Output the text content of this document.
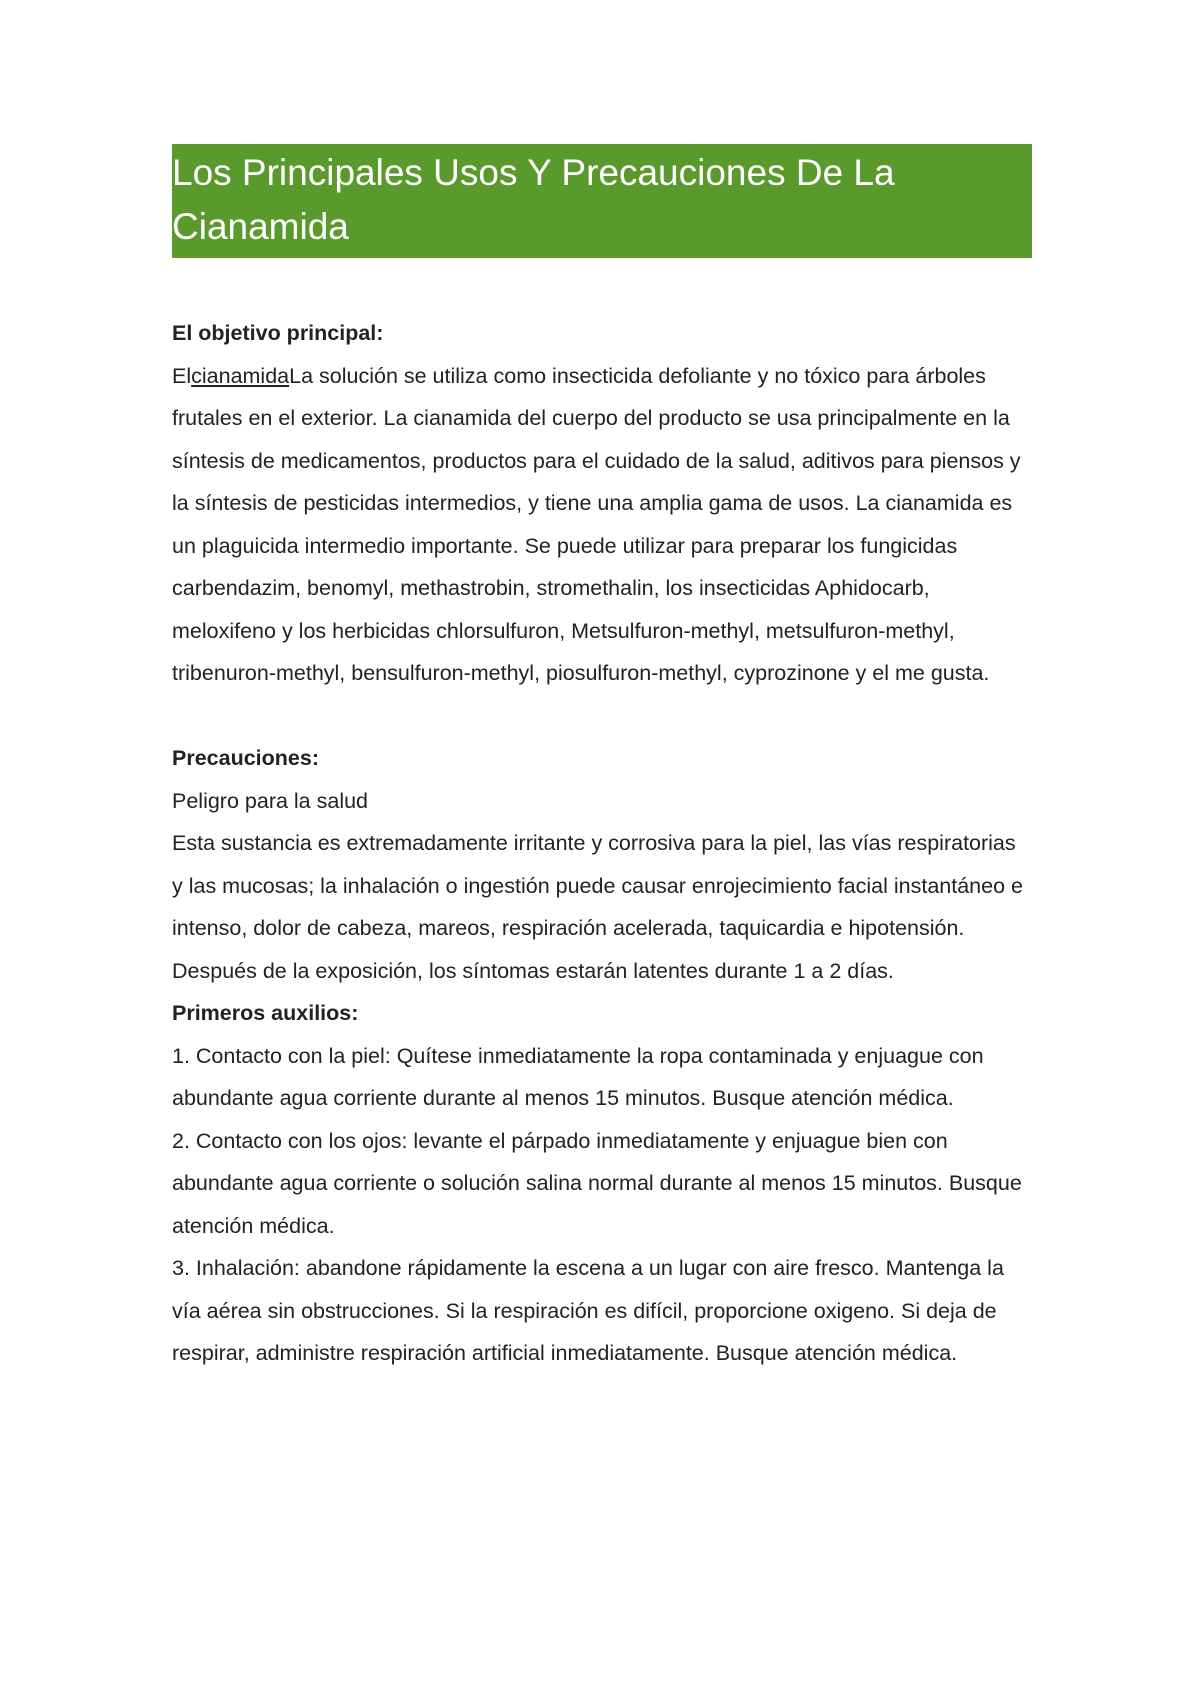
Los Principales Usos Y Precauciones De La Cianamida
El objetivo principal:
ElcianamidaLa solución se utiliza como insecticida defoliante y no tóxico para árboles frutales en el exterior. La cianamida del cuerpo del producto se usa principalmente en la síntesis de medicamentos, productos para el cuidado de la salud, aditivos para piensos y la síntesis de pesticidas intermedios, y tiene una amplia gama de usos. La cianamida es un plaguicida intermedio importante. Se puede utilizar para preparar los fungicidas carbendazim, benomyl, methastrobin, stromethalin, los insecticidas Aphidocarb, meloxifeno y los herbicidas chlorsulfuron, Metsulfuron-methyl, metsulfuron-methyl, tribenuron-methyl, bensulfuron-methyl, piosulfuron-methyl, cyprozinone y el me gusta.
Precauciones:
Peligro para la salud
Esta sustancia es extremadamente irritante y corrosiva para la piel, las vías respiratorias y las mucosas; la inhalación o ingestión puede causar enrojecimiento facial instantáneo e intenso, dolor de cabeza, mareos, respiración acelerada, taquicardia e hipotensión. Después de la exposición, los síntomas estarán latentes durante 1 a 2 días.
Primeros auxilios:
1. Contacto con la piel: Quítese inmediatamente la ropa contaminada y enjuague con abundante agua corriente durante al menos 15 minutos. Busque atención médica.
2. Contacto con los ojos: levante el párpado inmediatamente y enjuague bien con abundante agua corriente o solución salina normal durante al menos 15 minutos. Busque atención médica.
3. Inhalación: abandone rápidamente la escena a un lugar con aire fresco. Mantenga la vía aérea sin obstrucciones. Si la respiración es difícil, proporcione oxigeno. Si deja de respirar, administre respiración artificial inmediatamente. Busque atención médica.
